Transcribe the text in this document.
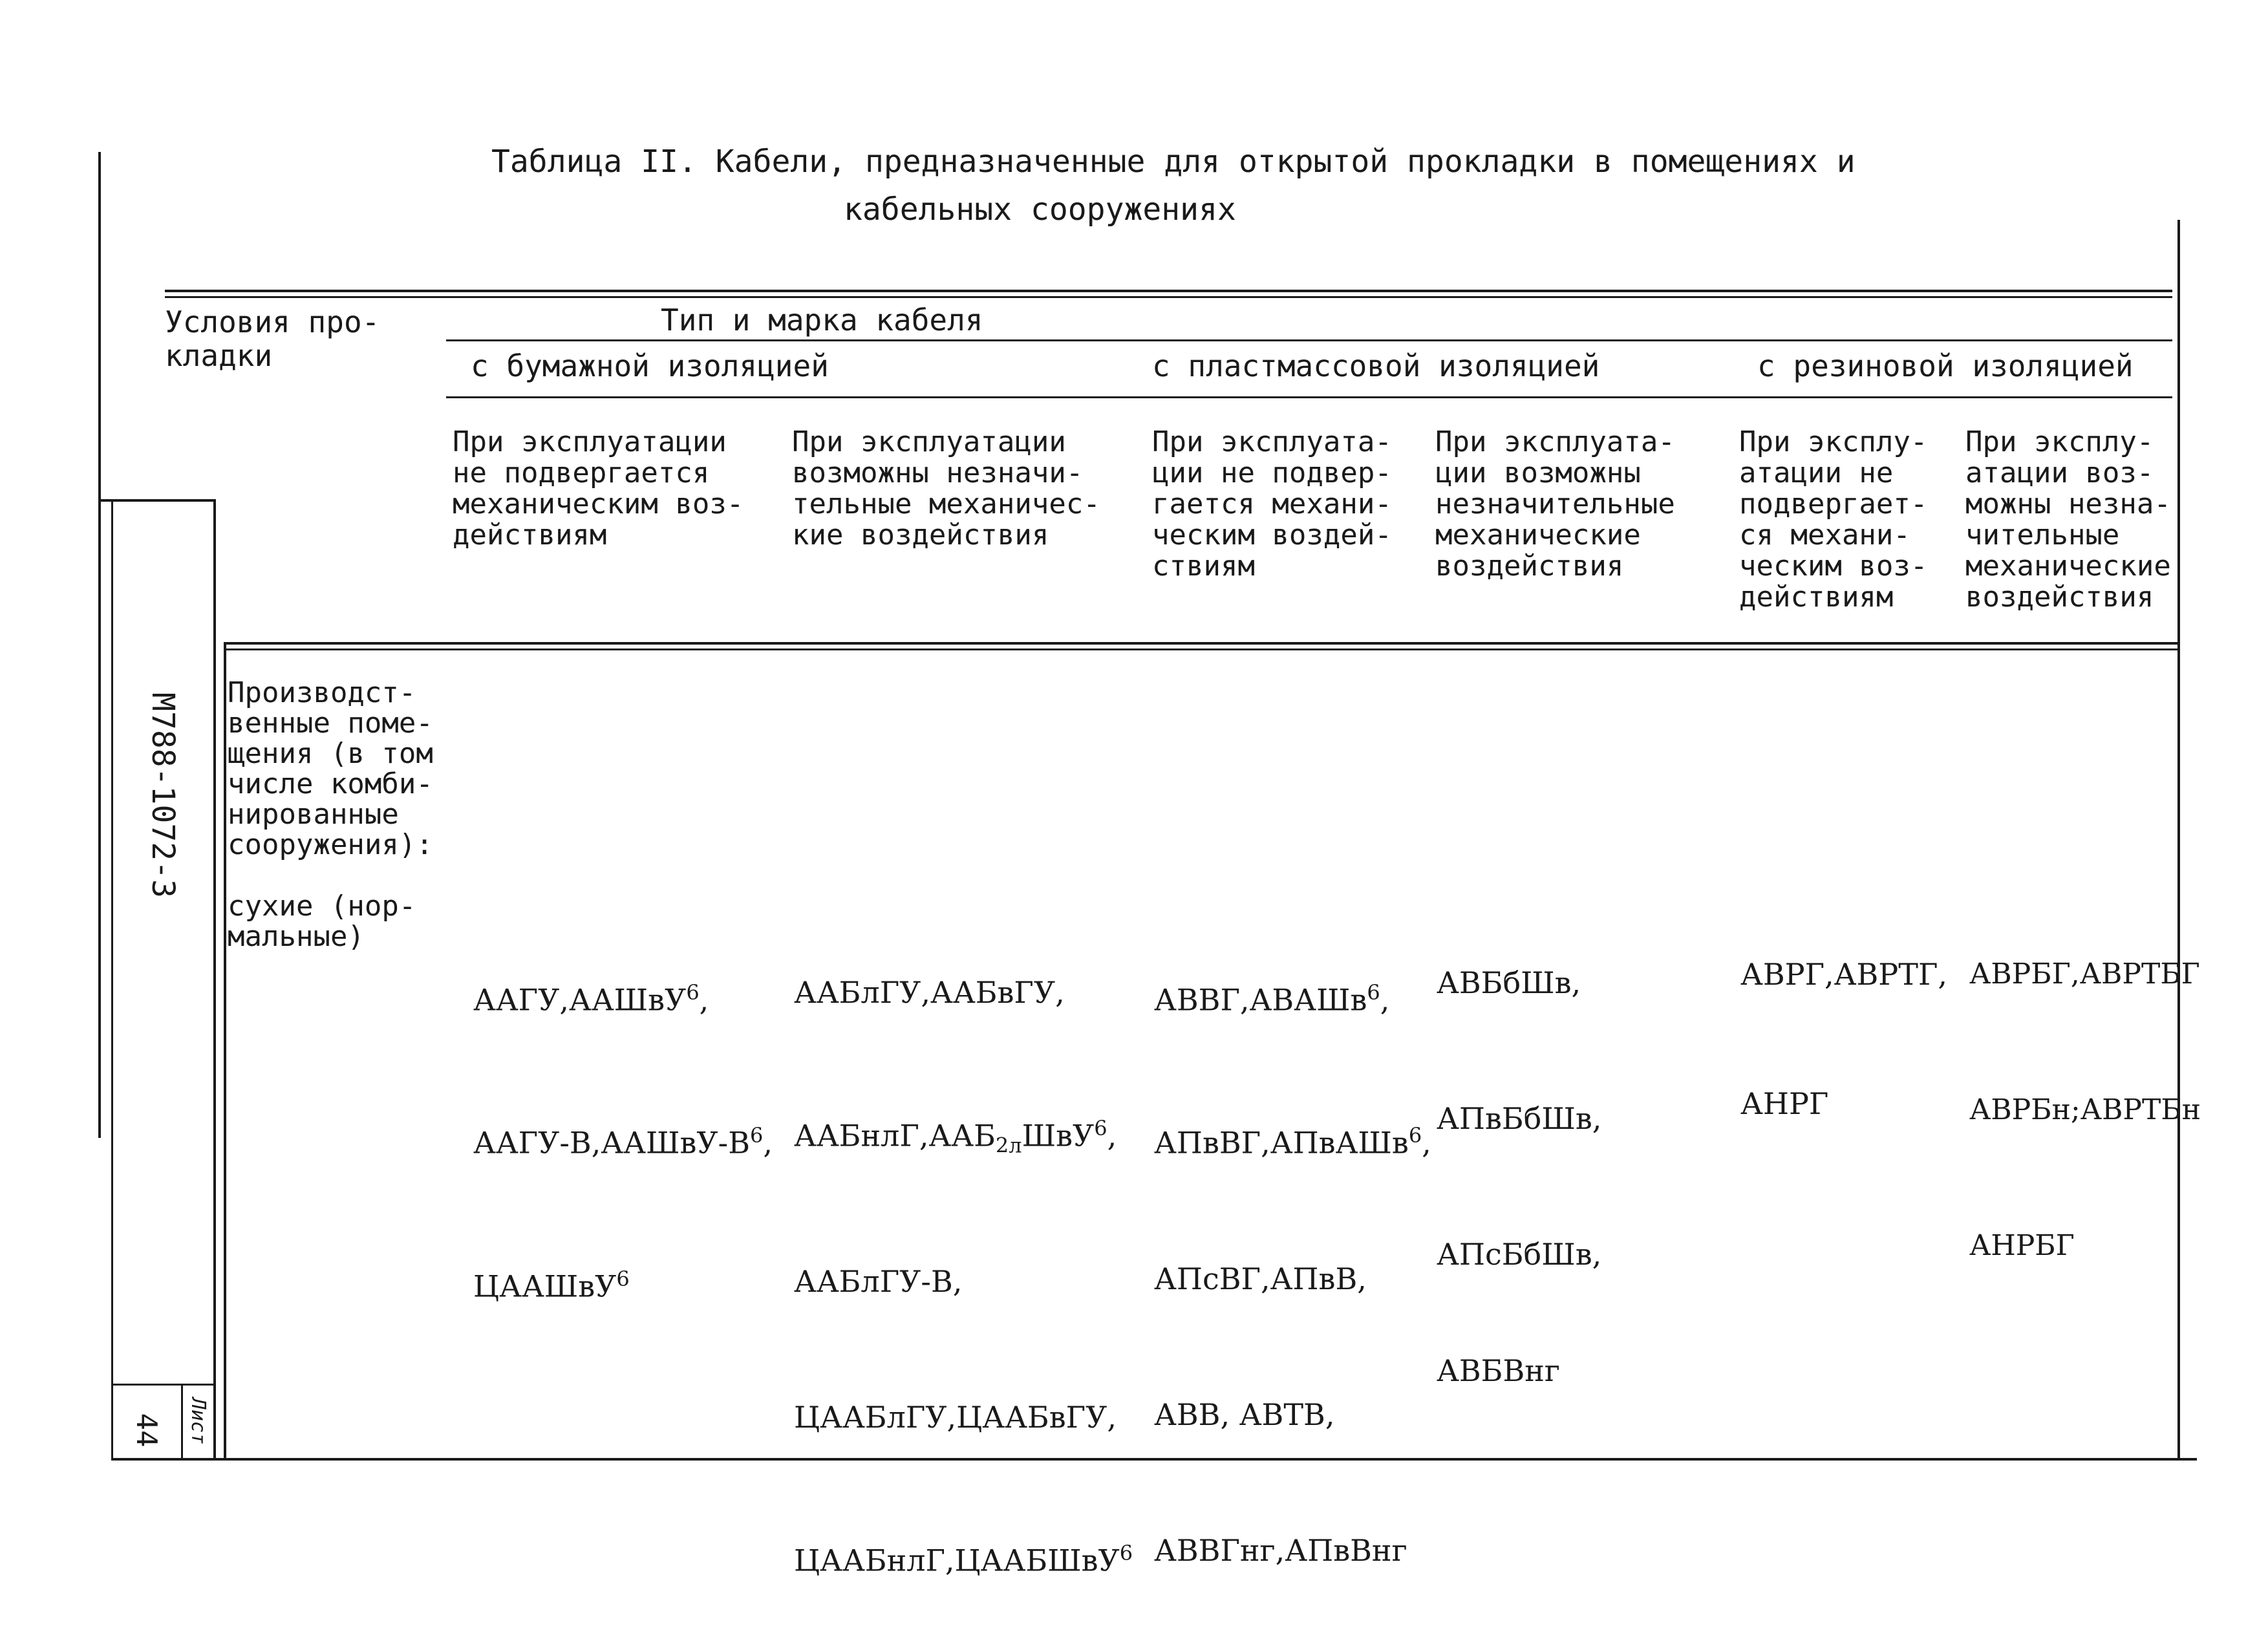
Таблица II. Кабели, предназначенные для открытой прокладки в помещениях и
кабельных сооружениях
М788-1072-3
Лист
44
Условия про-
кладки
Тип и марка кабеля
с бумажной изоляцией	с пластмассовой изоляцией	с резиновой изоляцией
При эксплуатации
не подвергается
механическим воз-
действиям
При эксплуатации
возможны незначи-
тельные механичес-
кие воздействия
При эксплуата-
ции не подвер-
гается механи-
ческим воздей-
ствиям
При эксплуата-
ции возможны
незначительные
механические
воздействия
При эксплу-
атации не
подвергает-
ся механи-
ческим воз-
действиям
При эксплу-
атации воз-
можны незна-
чительные
механические
воздействия
Производст-
венные поме-
щения (в том
числе комби-
нированные
сооружения):
сухие (нор-
мальные)

ААГУ,ААШвУ$^6$,

ААГУ-$В,ААШвУ-В^6$,

ЦААШвУ$^6$

ААБлГУ,ААБвГУ,

$ААБнлГ,ААБ_{2л}ШвУ^6$,

ААБлГУ-В,

ЦААБлГУ,ЦААБвГУ,

ЦААБнлГ,ЦААБШвУ$^6$

АВВГ,АВАШв$^6$,

АПвВГ,АПвАШв$^6$,

АПсВГ,АПвВ,

АВВ, АВТВ,

АВВГнг,АПвВнг

АВБбШв,

АПвБбШв,

АПсБбШв,

АВБВнг

АВРГ,АВРТГ,

АНРГ

АВРБГ,АВРТБГ

АВРБн;АВРТБн

АНРБГ
